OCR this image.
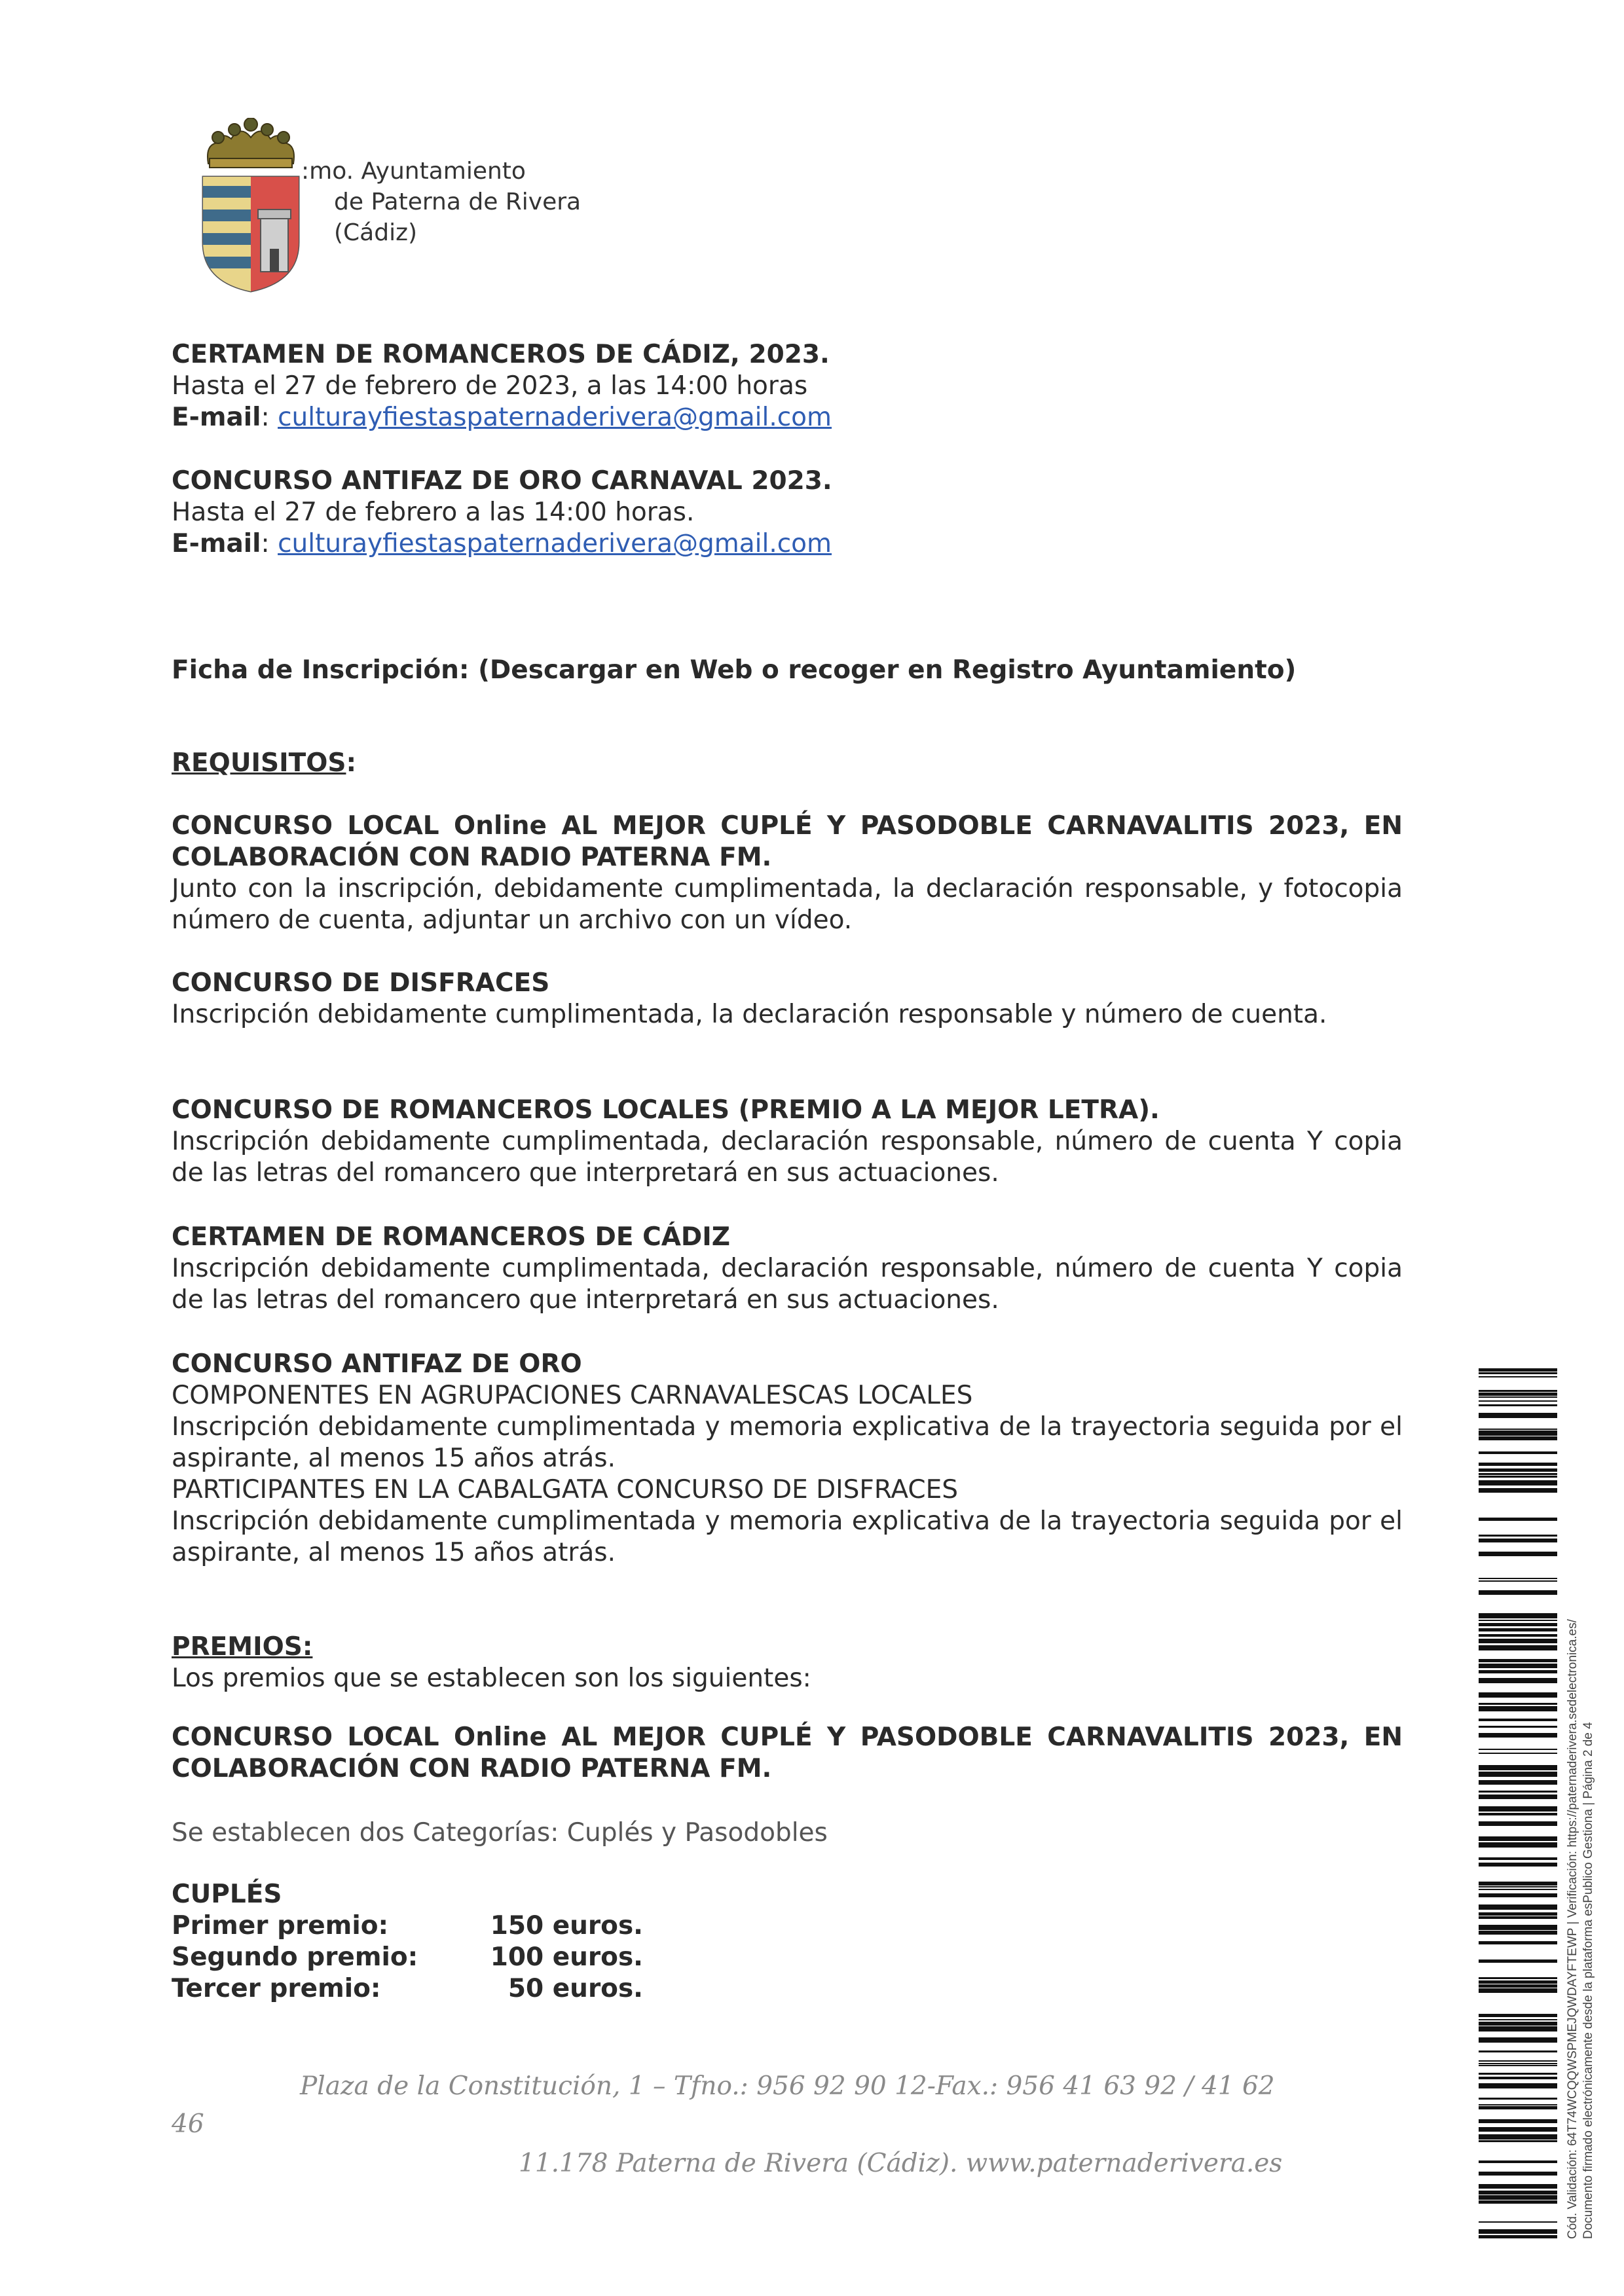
:mo. Ayuntamiento
de Paterna de Rivera
(Cádiz)
CERTAMEN DE ROMANCEROS DE CÁDIZ, 2023.
Hasta el 27 de febrero de 2023, a las 14:00 horas
E-mail: culturayfiestaspaternaderivera@gmail.com
CONCURSO ANTIFAZ DE ORO CARNAVAL 2023.
Hasta el 27 de febrero a las 14:00 horas.
E-mail: culturayfiestaspaternaderivera@gmail.com
Ficha de Inscripción: (Descargar en Web o recoger en Registro Ayuntamiento)
REQUISITOS:
CONCURSO LOCAL Online AL MEJOR CUPLÉ Y PASODOBLE CARNAVALITIS 2023, EN COLABORACIÓN CON RADIO PATERNA FM.
Junto con la inscripción, debidamente cumplimentada, la declaración responsable, y fotocopia número de cuenta, adjuntar un archivo con un vídeo.
CONCURSO DE DISFRACES
Inscripción debidamente cumplimentada, la declaración responsable y número de cuenta.
CONCURSO DE ROMANCEROS LOCALES (PREMIO A LA MEJOR LETRA).
Inscripción debidamente cumplimentada, declaración responsable, número de cuenta Y copia de las letras del romancero que interpretará en sus actuaciones.
CERTAMEN DE ROMANCEROS DE CÁDIZ
Inscripción debidamente cumplimentada, declaración responsable, número de cuenta Y copia de las letras del romancero que interpretará en sus actuaciones.
CONCURSO ANTIFAZ DE ORO
COMPONENTES EN AGRUPACIONES CARNAVALESCAS LOCALES
Inscripción debidamente cumplimentada y memoria explicativa de la trayectoria seguida por el aspirante, al menos 15 años atrás.
PARTICIPANTES EN LA CABALGATA CONCURSO DE DISFRACES
Inscripción debidamente cumplimentada y memoria explicativa de la trayectoria seguida por el aspirante, al menos 15 años atrás.
PREMIOS:
Los premios que se establecen son los siguientes:
CONCURSO LOCAL Online AL MEJOR CUPLÉ Y PASODOBLE CARNAVALITIS 2023, EN COLABORACIÓN CON RADIO PATERNA FM.
Se establecen dos Categorías: Cuplés y Pasodobles
CUPLÉS
Primer premio:	150 euros.
Segundo premio:	100 euros.
Tercer premio:	50 euros.
Plaza de la Constitución, 1 – Tfno.: 956 92 90 12-Fax.: 956 41 63 92 / 41 62
46
11.178 Paterna de Rivera (Cádiz). www.paternaderivera.es	Cód. Validación: 64T74WCQQWSPMEJQWDAYFTEWP | Verificación: https://paternaderivera.sedelectronica.es/ Documento firmado electrónicamente desde la plataforma esPublico Gestiona | Página 2 de 4
